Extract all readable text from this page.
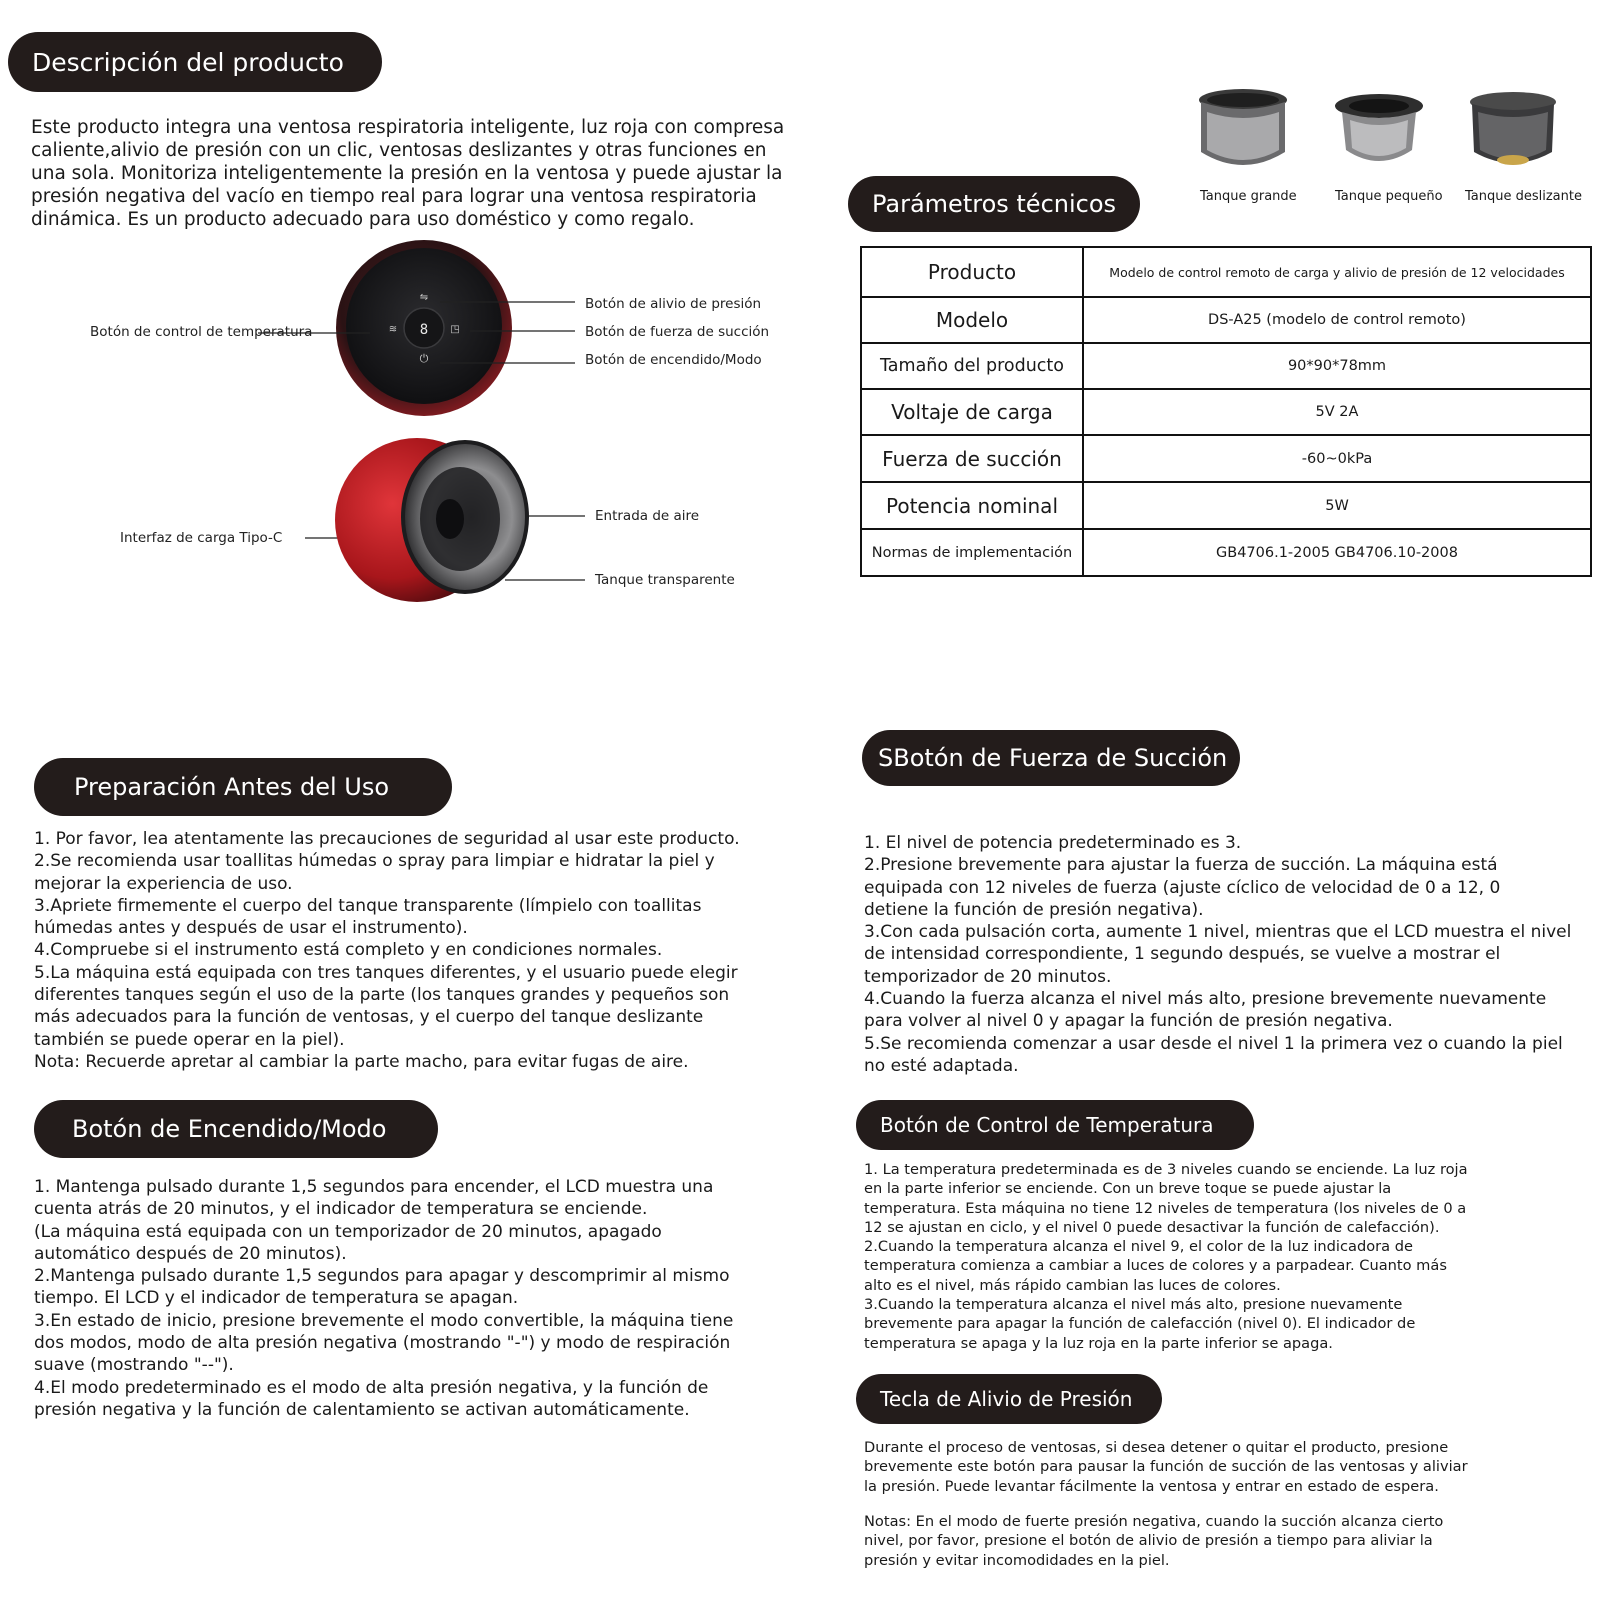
Descripción del producto
Este producto integra una ventosa respiratoria inteligente, luz roja con compresa
caliente,alivio de presión con un clic, ventosas deslizantes y otras funciones en
una sola. Monitoriza inteligentemente la presión en la ventosa y puede ajustar la
presión negativa del vacío en tiempo real para lograr una ventosa respiratoria
dinámica. Es un producto adecuado para uso doméstico y como regalo.
8
⇋
≋	◳
⏻
Botón de control de temperatura
Botón de alivio de presión
Botón de fuerza de succión
Botón de encendido/Modo
Entrada de aire
Interfaz de carga Tipo-C
Tanque transparente
Tanque grande	Tanque pequeño Tanque deslizante
Parámetros técnicos
Producto	Modelo de control remoto de carga y alivio de presión de 12 velocidades
Modelo	DS-A25 (modelo de control remoto)
Tamaño del producto	90*90*78mm
Voltaje de carga	5V 2A
Fuerza de succión	-60~0kPa
Potencia nominal	5W
Normas de implementación	GB4706.1-2005 GB4706.10-2008
Preparación Antes del Uso
1. Por favor, lea atentamente las precauciones de seguridad al usar este producto.
2.Se recomienda usar toallitas húmedas o spray para limpiar e hidratar la piel y
mejorar la experiencia de uso.
3.Apriete firmemente el cuerpo del tanque transparente (límpielo con toallitas
húmedas antes y después de usar el instrumento).
4.Compruebe si el instrumento está completo y en condiciones normales.
5.La máquina está equipada con tres tanques diferentes, y el usuario puede elegir
diferentes tanques según el uso de la parte (los tanques grandes y pequeños son
más adecuados para la función de ventosas, y el cuerpo del tanque deslizante
también se puede operar en la piel).
Nota: Recuerde apretar al cambiar la parte macho, para evitar fugas de aire.
Botón de Encendido/Modo
1. Mantenga pulsado durante 1,5 segundos para encender, el LCD muestra una
cuenta atrás de 20 minutos, y el indicador de temperatura se enciende.
(La máquina está equipada con un temporizador de 20 minutos, apagado
automático después de 20 minutos).
2.Mantenga pulsado durante 1,5 segundos para apagar y descomprimir al mismo
tiempo. El LCD y el indicador de temperatura se apagan.
3.En estado de inicio, presione brevemente el modo convertible, la máquina tiene
dos modos, modo de alta presión negativa (mostrando "-") y modo de respiración
suave (mostrando "--").
4.El modo predeterminado es el modo de alta presión negativa, y la función de
presión negativa y la función de calentamiento se activan automáticamente.
SBotón de Fuerza de Succión
1. El nivel de potencia predeterminado es 3.
2.Presione brevemente para ajustar la fuerza de succión. La máquina está
equipada con 12 niveles de fuerza (ajuste cíclico de velocidad de 0 a 12, 0
detiene la función de presión negativa).
3.Con cada pulsación corta, aumente 1 nivel, mientras que el LCD muestra el nivel
de intensidad correspondiente, 1 segundo después, se vuelve a mostrar el
temporizador de 20 minutos.
4.Cuando la fuerza alcanza el nivel más alto, presione brevemente nuevamente
para volver al nivel 0 y apagar la función de presión negativa.
5.Se recomienda comenzar a usar desde el nivel 1 la primera vez o cuando la piel
no esté adaptada.
Botón de Control de Temperatura
1. La temperatura predeterminada es de 3 niveles cuando se enciende. La luz roja
en la parte inferior se enciende. Con un breve toque se puede ajustar la
temperatura. Esta máquina no tiene 12 niveles de temperatura (los niveles de 0 a
12 se ajustan en ciclo, y el nivel 0 puede desactivar la función de calefacción).
2.Cuando la temperatura alcanza el nivel 9, el color de la luz indicadora de
temperatura comienza a cambiar a luces de colores y a parpadear. Cuanto más
alto es el nivel, más rápido cambian las luces de colores.
3.Cuando la temperatura alcanza el nivel más alto, presione nuevamente
brevemente para apagar la función de calefacción (nivel 0). El indicador de
temperatura se apaga y la luz roja en la parte inferior se apaga.
Tecla de Alivio de Presión
Durante el proceso de ventosas, si desea detener o quitar el producto, presione
brevemente este botón para pausar la función de succión de las ventosas y aliviar
la presión. Puede levantar fácilmente la ventosa y entrar en estado de espera.
Notas: En el modo de fuerte presión negativa, cuando la succión alcanza cierto
nivel, por favor, presione el botón de alivio de presión a tiempo para aliviar la
presión y evitar incomodidades en la piel.
